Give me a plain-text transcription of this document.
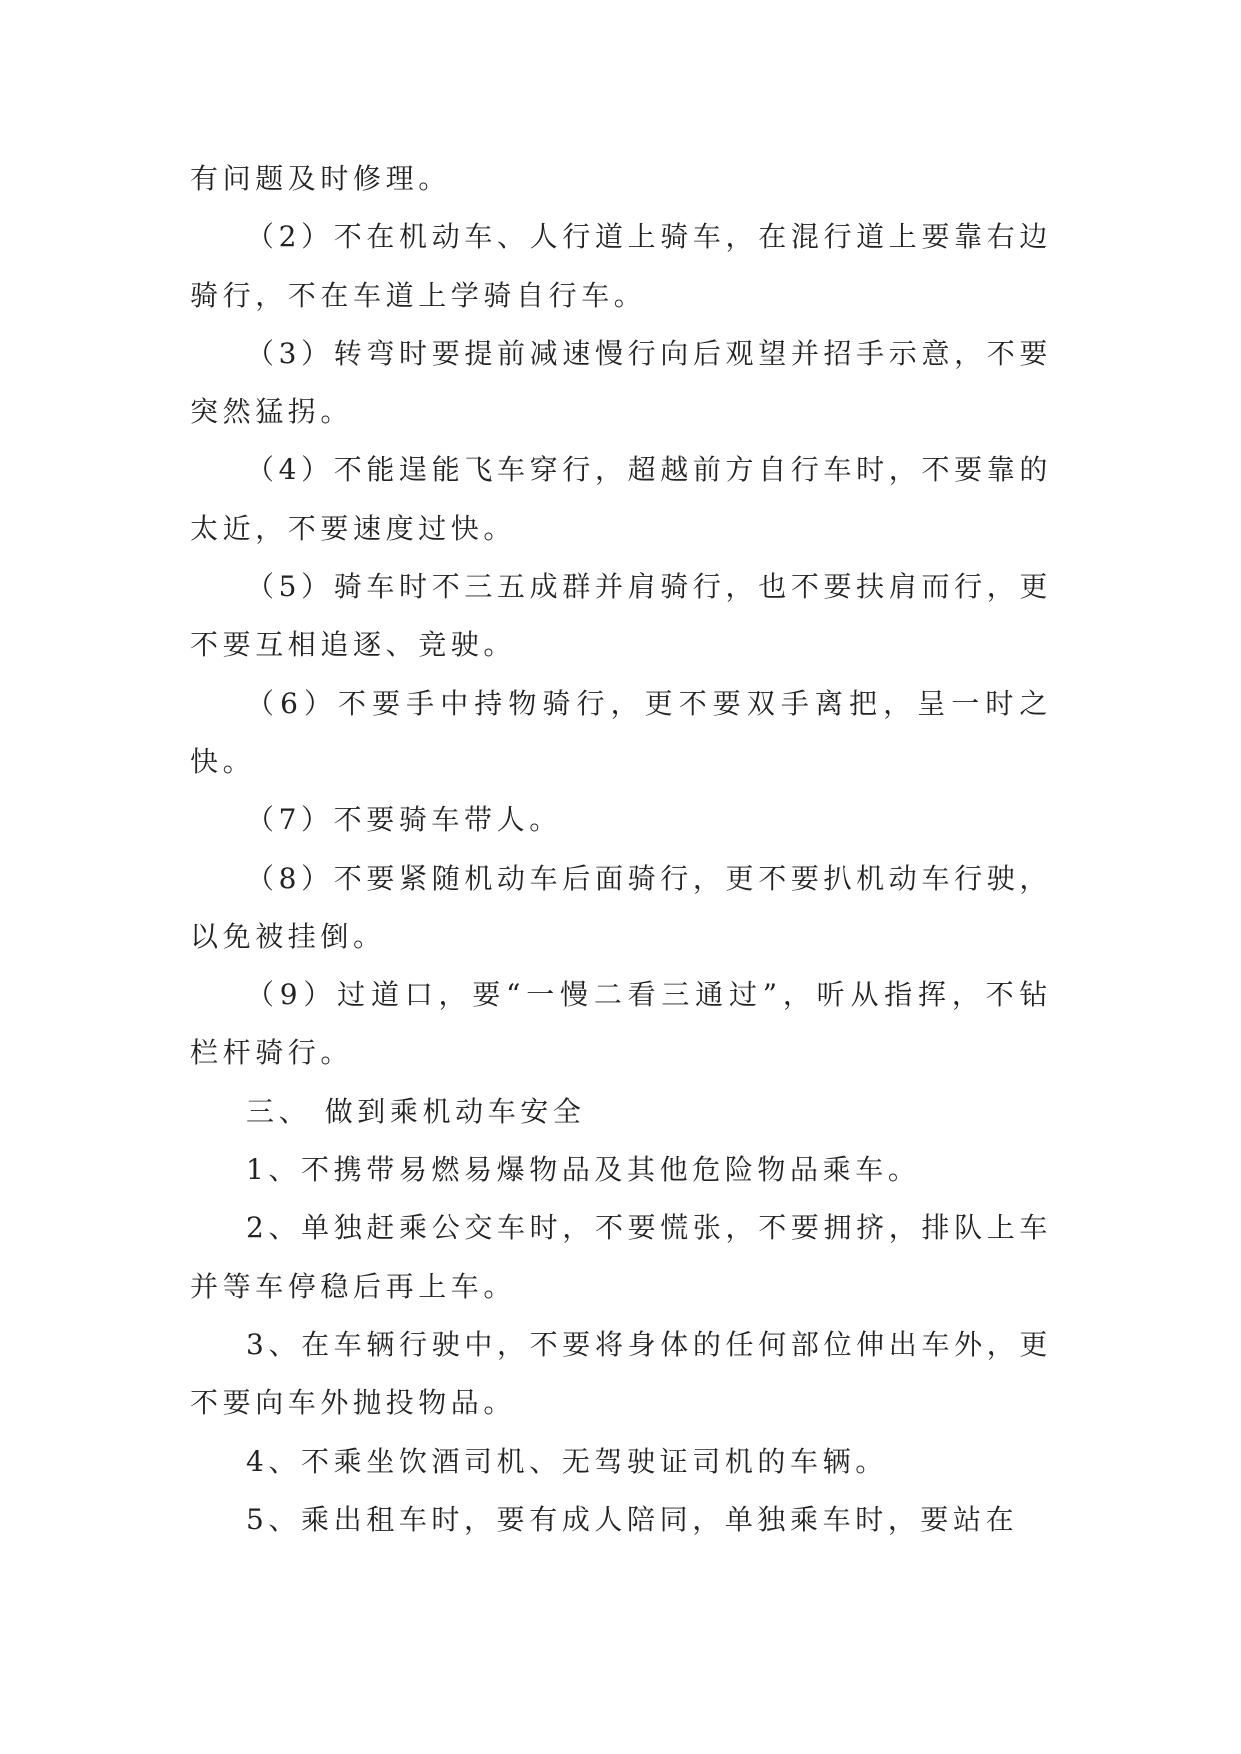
有问题及时修理。

（2）不在机动车、人行道上骑车，在混行道上要靠右边骑行，不在车道上学骑自行车。

（3）转弯时要提前减速慢行向后观望并招手示意，不要突然猛拐。

（4）不能逞能飞车穿行，超越前方自行车时，不要靠的太近，不要速度过快。

（5）骑车时不三五成群并肩骑行，也不要扶肩而行，更不要互相追逐、竞驶。

（6）不要手中持物骑行，更不要双手离把，呈一时之快。

（7）不要骑车带人。

（8）不要紧随机动车后面骑行，更不要扒机动车行驶，以免被挂倒。

（9）过道口，要“一慢二看三通过”，听从指挥，不钻栏杆骑行。

三、 做到乘机动车安全

1、不携带易燃易爆物品及其他危险物品乘车。

2、单独赶乘公交车时，不要慌张，不要拥挤，排队上车并等车停稳后再上车。

3、在车辆行驶中，不要将身体的任何部位伸出车外，更不要向车外抛投物品。

4、不乘坐饮酒司机、无驾驶证司机的车辆。

5、乘出租车时，要有成人陪同，单独乘车时，要站在
